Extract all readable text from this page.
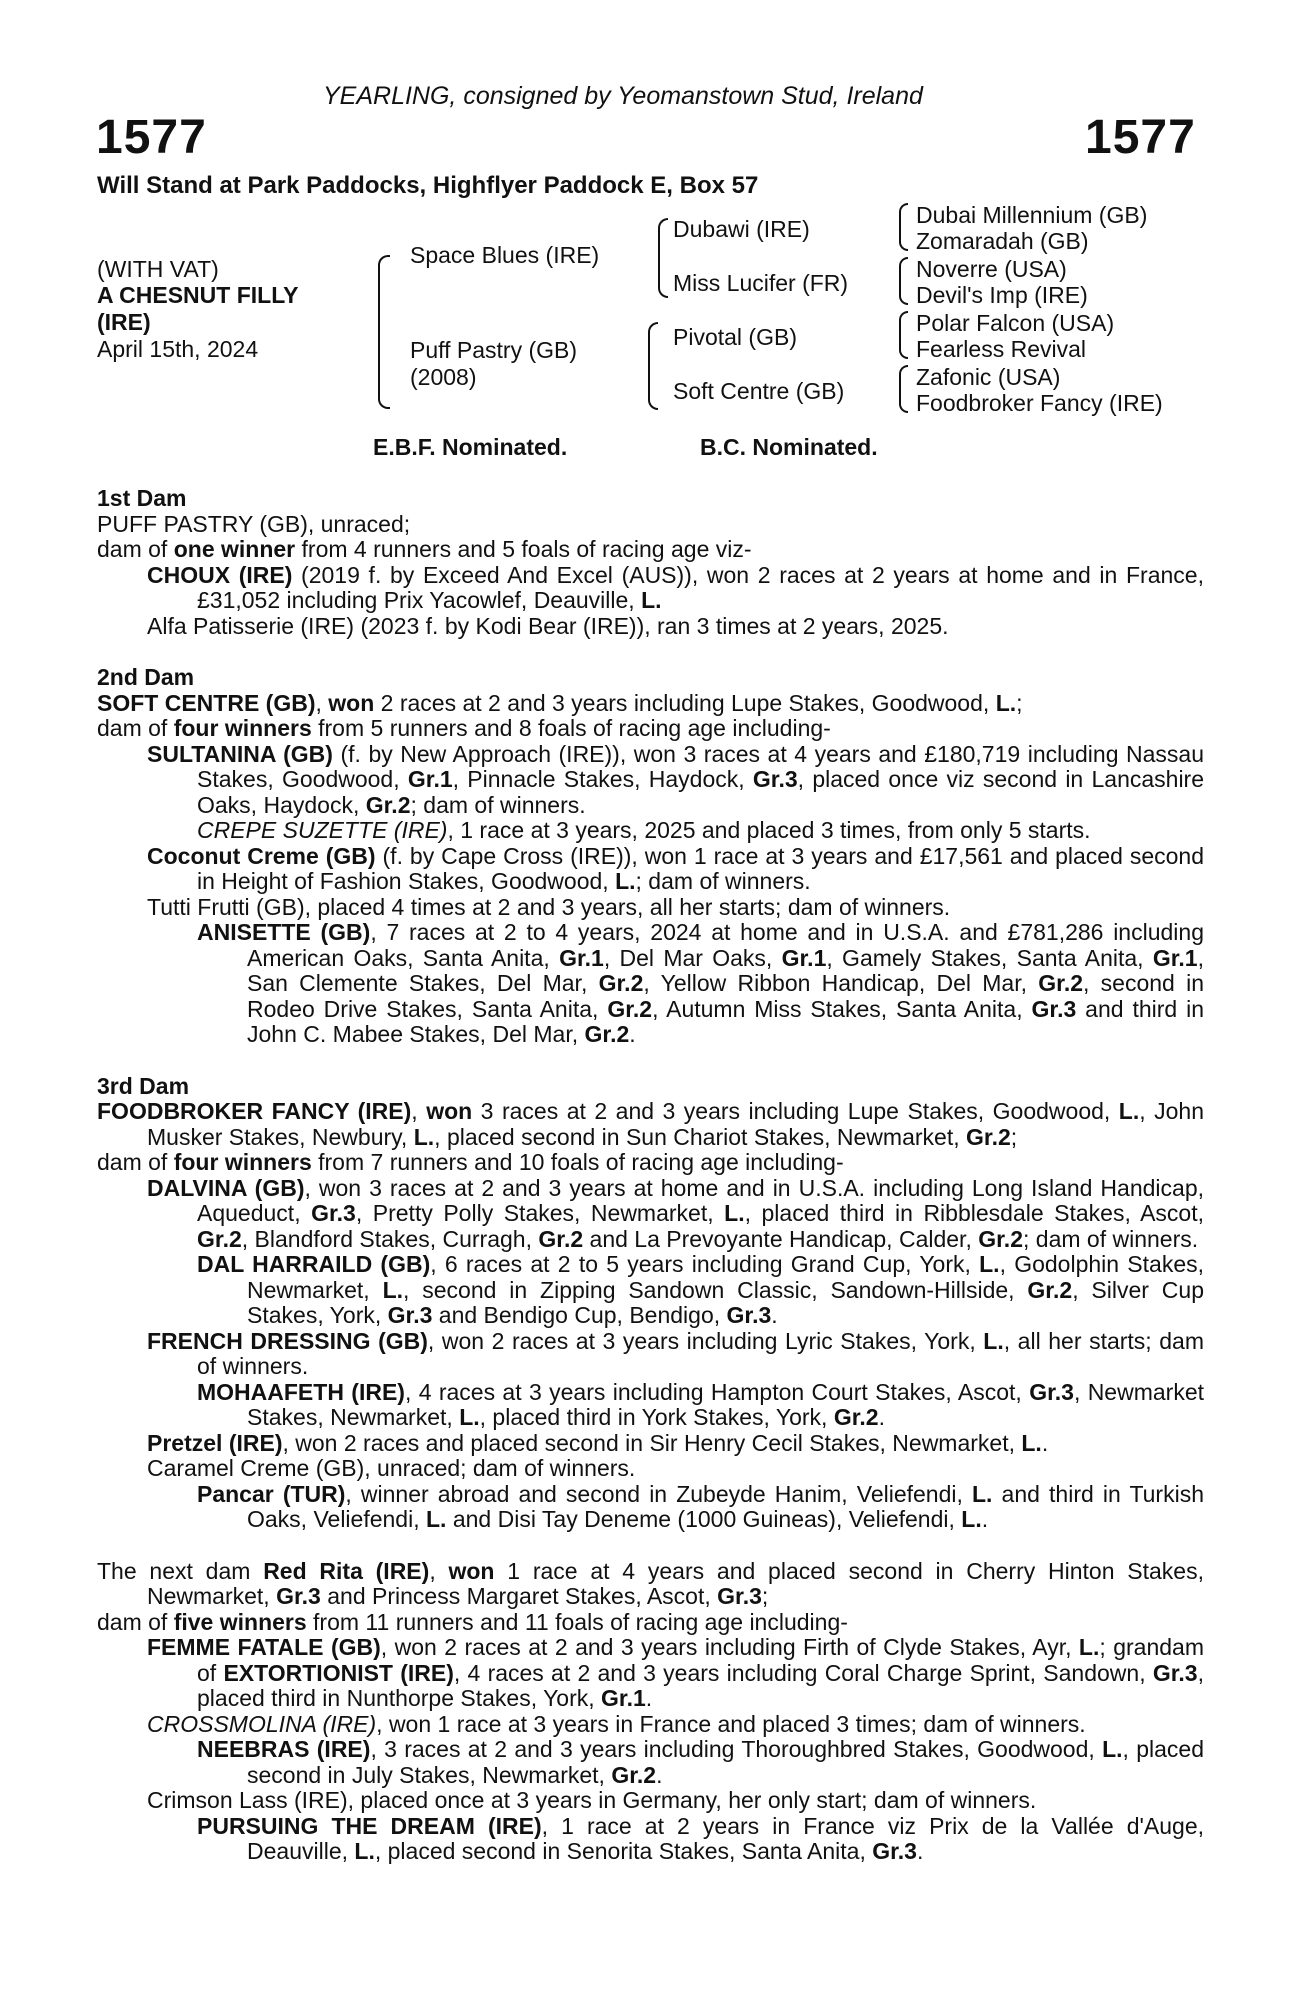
YEARLING, consigned by Yeomanstown Stud, Ireland
1577	1577
Will Stand at Park Paddocks, Highflyer Paddock E, Box 57
(WITH VAT)
A CHESNUT FILLY
(IRE)
April 15th, 2024
Space Blues (IRE)
Puff Pastry (GB)
(2008)
Dubawi (IRE)
Miss Lucifer (FR)
Pivotal (GB)
Soft Centre (GB)
Dubai Millennium (GB)
Zomaradah (GB)
Noverre (USA)
Devil's Imp (IRE)
Polar Falcon (USA)
Fearless Revival
Zafonic (USA)
Foodbroker Fancy (IRE)
E.B.F. Nominated.	B.C. Nominated.

1st Dam

PUFF PASTRY (GB), unraced;

dam of one winner from 4 runners and 5 foals of racing age viz-

CHOUX (IRE) (2019 f. by Exceed And Excel (AUS)), won 2 races at 2 years at home and in France, £31,052 including Prix Yacowlef, Deauville, L.

Alfa Patisserie (IRE) (2023 f. by Kodi Bear (IRE)), ran 3 times at 2 years, 2025.

2nd Dam

SOFT CENTRE (GB), won 2 races at 2 and 3 years including Lupe Stakes, Goodwood, L.;

dam of four winners from 5 runners and 8 foals of racing age including-

SULTANINA (GB) (f. by New Approach (IRE)), won 3 races at 4 years and £180,719 including Nassau Stakes, Goodwood, Gr.1, Pinnacle Stakes, Haydock, Gr.3, placed once viz second in Lancashire Oaks, Haydock, Gr.2; dam of winners.

CREPE SUZETTE (IRE), 1 race at 3 years, 2025 and placed 3 times, from only 5 starts.

Coconut Creme (GB) (f. by Cape Cross (IRE)), won 1 race at 3 years and £17,561 and placed second in Height of Fashion Stakes, Goodwood, L.; dam of winners.

Tutti Frutti (GB), placed 4 times at 2 and 3 years, all her starts; dam of winners.

ANISETTE (GB), 7 races at 2 to 4 years, 2024 at home and in U.S.A. and £781,286 including American Oaks, Santa Anita, Gr.1, Del Mar Oaks, Gr.1, Gamely Stakes, Santa Anita, Gr.1, San Clemente Stakes, Del Mar, Gr.2, Yellow Ribbon Handicap, Del Mar, Gr.2, second in Rodeo Drive Stakes, Santa Anita, Gr.2, Autumn Miss Stakes, Santa Anita, Gr.3 and third in John C. Mabee Stakes, Del Mar, Gr.2.

3rd Dam

FOODBROKER FANCY (IRE), won 3 races at 2 and 3 years including Lupe Stakes, Goodwood, L., John Musker Stakes, Newbury, L., placed second in Sun Chariot Stakes, Newmarket, Gr.2;

dam of four winners from 7 runners and 10 foals of racing age including-

DALVINA (GB), won 3 races at 2 and 3 years at home and in U.S.A. including Long Island Handicap, Aqueduct, Gr.3, Pretty Polly Stakes, Newmarket, L., placed third in Ribblesdale Stakes, Ascot, Gr.2, Blandford Stakes, Curragh, Gr.2 and La Prevoyante Handicap, Calder, Gr.2; dam of winners.

DAL HARRAILD (GB), 6 races at 2 to 5 years including Grand Cup, York, L., Godolphin Stakes, Newmarket, L., second in Zipping Sandown Classic, Sandown-Hillside, Gr.2, Silver Cup Stakes, York, Gr.3 and Bendigo Cup, Bendigo, Gr.3.

FRENCH DRESSING (GB), won 2 races at 3 years including Lyric Stakes, York, L., all her starts; dam of winners.

MOHAAFETH (IRE), 4 races at 3 years including Hampton Court Stakes, Ascot, Gr.3, Newmarket Stakes, Newmarket, L., placed third in York Stakes, York, Gr.2.

Pretzel (IRE), won 2 races and placed second in Sir Henry Cecil Stakes, Newmarket, L..

Caramel Creme (GB), unraced; dam of winners.

Pancar (TUR), winner abroad and second in Zubeyde Hanim, Veliefendi, L. and third in Turkish Oaks, Veliefendi, L. and Disi Tay Deneme (1000 Guineas), Veliefendi, L..

The next dam Red Rita (IRE), won 1 race at 4 years and placed second in Cherry Hinton Stakes, Newmarket, Gr.3 and Princess Margaret Stakes, Ascot, Gr.3;

dam of five winners from 11 runners and 11 foals of racing age including-

FEMME FATALE (GB), won 2 races at 2 and 3 years including Firth of Clyde Stakes, Ayr, L.; grandam of EXTORTIONIST (IRE), 4 races at 2 and 3 years including Coral Charge Sprint, Sandown, Gr.3, placed third in Nunthorpe Stakes, York, Gr.1.

CROSSMOLINA (IRE), won 1 race at 3 years in France and placed 3 times; dam of winners.

NEEBRAS (IRE), 3 races at 2 and 3 years including Thoroughbred Stakes, Goodwood, L., placed second in July Stakes, Newmarket, Gr.2.

Crimson Lass (IRE), placed once at 3 years in Germany, her only start; dam of winners.

PURSUING THE DREAM (IRE), 1 race at 2 years in France viz Prix de la Vallée d'Auge, Deauville, L., placed second in Senorita Stakes, Santa Anita, Gr.3.
